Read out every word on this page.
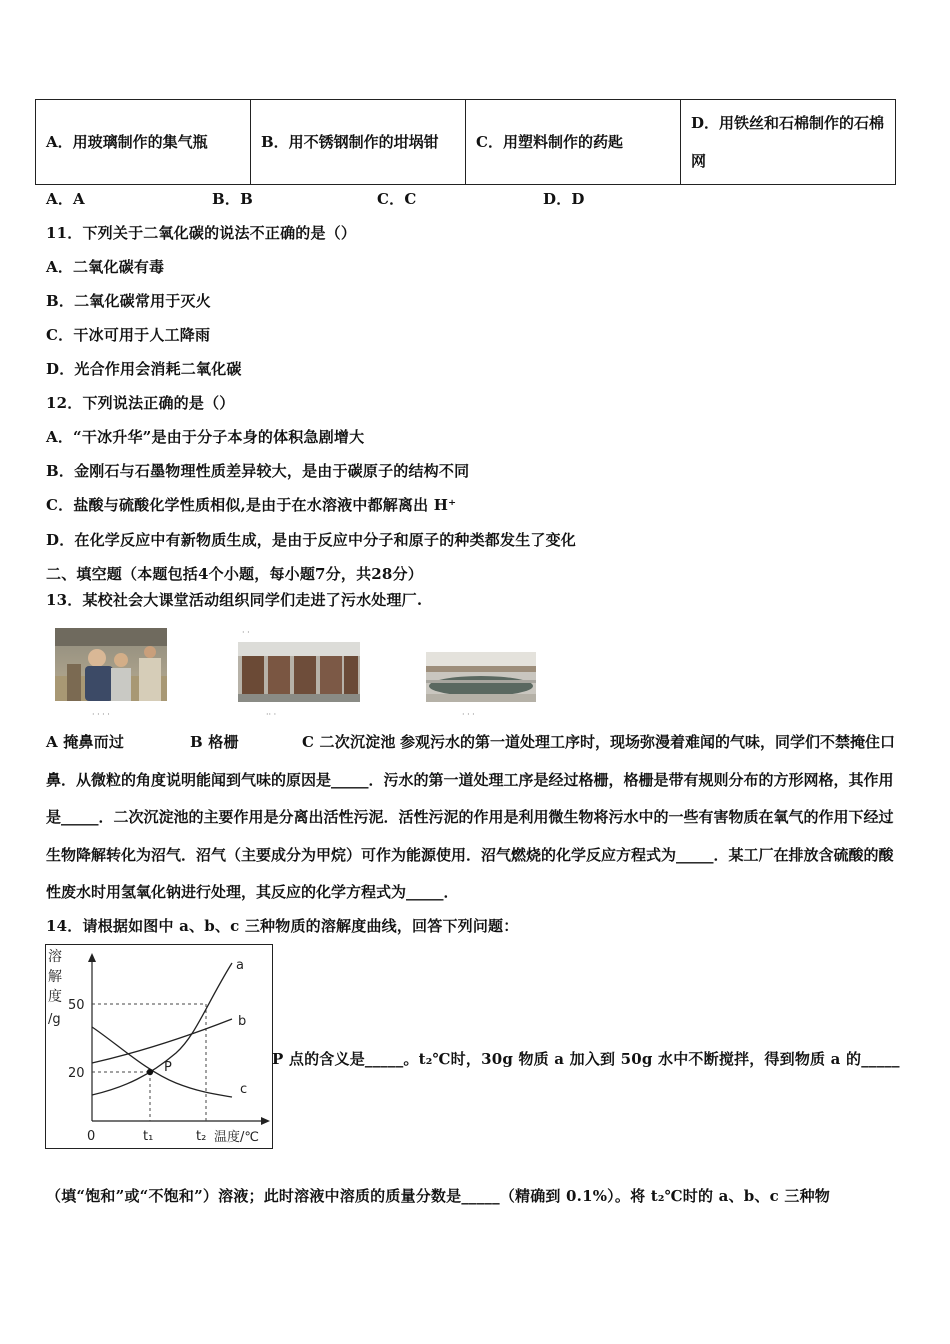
A．用玻璃制作的集气瓶	B．用不锈钢制作的坩埚钳	C．用塑料制作的药匙	D．用铁丝和石棉制作的石棉网
A．A	B．B	C．C	D．D
11．下列关于二氧化碳的说法不正确的是（）
A．二氧化碳有毒
B．二氧化碳常用于灭火
C．干冰可用于人工降雨
D．光合作用会消耗二氧化碳
12．下列说法正确的是（）
A．“干冰升华”是由于分子本身的体积急剧增大
B．金刚石与石墨物理性质差异较大，是由于碳原子的结构不同
C．盐酸与硫酸化学性质相似,是由于在水溶液中都解离出 H⁺
D．在化学反应中有新物质生成，是由于反应中分子和原子的种类都发生了变化
二、填空题（本题包括4个小题，每小题7分，共28分）
13．某校社会大课堂活动组织同学们走进了污水处理厂.
· · · ·
· ·
·· ·	· · ·
A 掩鼻而过	B 格栅	C 二次沉淀池 参观污水的第一道处理工序时，现场弥漫着难闻的气味，同学们不禁掩住口鼻．从微粒的角度说明能闻到气味的原因是_____．污水的第一道处理工序是经过格栅，格栅是带有规则分布的方形网格，其作用是_____．二次沉淀池的主要作用是分离出活性污泥．活性污泥的作用是利用微生物将污水中的一些有害物质在氧气的作用下经过生物降解转化为沼气．沼气（主要成分为甲烷）可作为能源使用．沼气燃烧的化学反应方程式为_____．某工厂在排放含硫酸的酸性废水时用氢氧化钠进行处理，其反应的化学方程式为_____．
14．请根据如图中 a、b、c 三种物质的溶解度曲线，回答下列问题：
溶
解
度
/g
50
20
0	t₁	t₂ 温度/℃
a
b
c
P	P 点的含义是_____。t₂℃时，30g 物质 a 加入到 50g 水中不断搅拌，得到物质 a 的_____
（填“饱和”或“不饱和”）溶液；此时溶液中溶质的质量分数是_____（精确到 0.1%）。将 t₂℃时的 a、b、c 三种物
